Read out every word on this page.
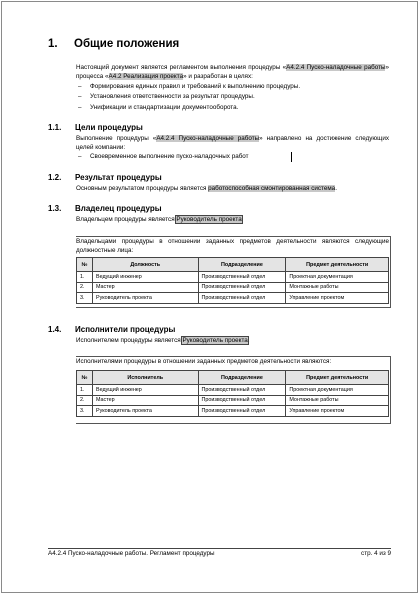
1. Общие положения
Настоящий документ является регламентом выполнения процедуры «А4.2.4 Пуско-наладочные работы» процесса «А4.2 Реализация проекта» и разработан в целях:
– Формирования единых правил и требований к выполнению процедуры.
– Установления ответственности за результат процедуры.
– Унификации и стандартизации документооборота.
1.1. Цели процедуры
Выполнение процедуры «А4.2.4 Пуско-наладочные работы» направлено на достижение следующих целей компании:
– Своевременное выполнение пуско-наладочных работ
1.2. Результат процедуры
Основным результатом процедуры является работоспособная смонтированная система.
1.3. Владелец процедуры
Владельцем процедуры является Руководитель проекта.
Владельцами процедуры в отношении заданных предметов деятельности являются следующие должностные лица:
№	Должность	Подразделение	Предмет деятельности
1.	Ведущий инженер	Производственный отдел	Проектная документация
2.	Мастер	Производственный отдел	Монтажные работы
3.	Руководитель проекта	Производственный отдел	Управление проектом
1.4. Исполнители процедуры
Исполнителем процедуры является Руководитель проекта.
Исполнителями процедуры в отношении заданных предметов деятельности являются:
№	Исполнитель	Подразделение	Предмет деятельности
1.	Ведущий инженер	Производственный отдел	Проектная документация
2.	Мастер	Производственный отдел	Монтажные работы
3.	Руководитель проекта	Производственный отдел	Управление проектом
А4.2.4 Пуско-наладочные работы. Регламент процедуры	стр. 4 из 9
